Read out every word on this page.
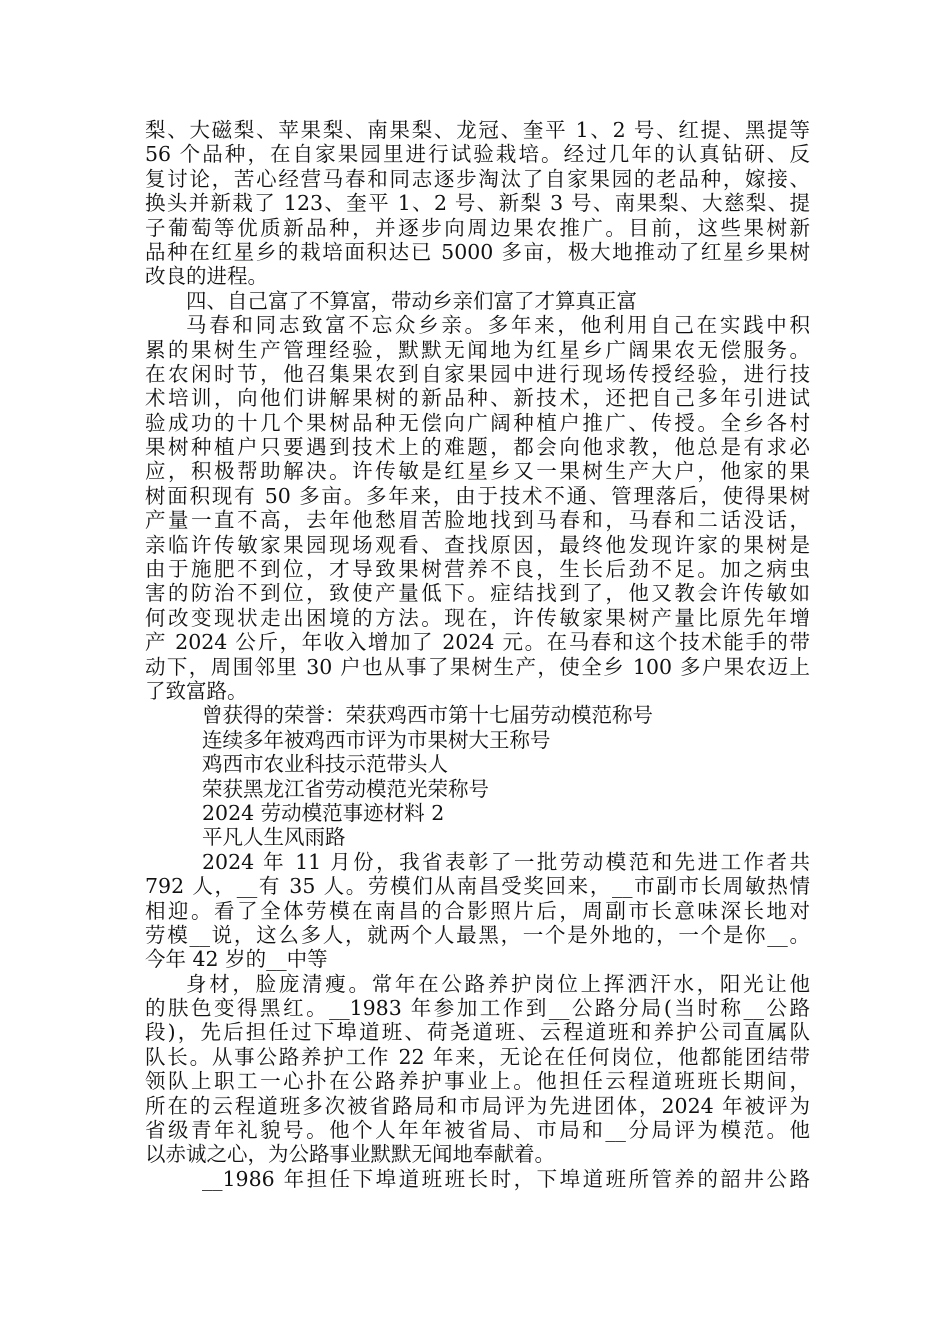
梨、大磁梨、苹果梨、南果梨、龙冠、奎平 1、2 号、红提、黑提等
56 个品种，在自家果园里进行试验栽培。经过几年的认真钻研、反
复讨论，苦心经营马春和同志逐步淘汰了自家果园的老品种，嫁接、
换头并新栽了 123、奎平 1、2 号、新梨 3 号、南果梨、大慈梨、提
子葡萄等优质新品种，并逐步向周边果农推广。目前，这些果树新
品种在红星乡的栽培面积达已 5000 多亩，极大地推动了红星乡果树
改良的进程。
四、自己富了不算富，带动乡亲们富了才算真正富
马春和同志致富不忘众乡亲。多年来，他利用自己在实践中积
累的果树生产管理经验，默默无闻地为红星乡广阔果农无偿服务。
在农闲时节，他召集果农到自家果园中进行现场传授经验，进行技
术培训，向他们讲解果树的新品种、新技术，还把自己多年引进试
验成功的十几个果树品种无偿向广阔种植户推广、传授。全乡各村
果树种植户只要遇到技术上的难题，都会向他求教，他总是有求必
应，积极帮助解决。许传敏是红星乡又一果树生产大户，他家的果
树面积现有 50 多亩。多年来，由于技术不通、管理落后，使得果树
产量一直不高，去年他愁眉苦脸地找到马春和，马春和二话没话，
亲临许传敏家果园现场观看、查找原因，最终他发现许家的果树是
由于施肥不到位，才导致果树营养不良，生长后劲不足。加之病虫
害的防治不到位，致使产量低下。症结找到了，他又教会许传敏如
何改变现状走出困境的方法。现在，许传敏家果树产量比原先年增
产 2024 公斤，年收入增加了 2024 元。在马春和这个技术能手的带
动下，周围邻里 30 户也从事了果树生产，使全乡 100 多户果农迈上
了致富路。
曾获得的荣誉：荣获鸡西市第十七届劳动模范称号
连续多年被鸡西市评为市果树大王称号
鸡西市农业科技示范带头人
荣获黑龙江省劳动模范光荣称号
2024 劳动模范事迹材料 2
平凡人生风雨路
2024 年 11 月份，我省表彰了一批劳动模范和先进工作者共
792 人，__有 35 人。劳模们从南昌受奖回来，__市副市长周敏热情
相迎。看了全体劳模在南昌的合影照片后，周副市长意味深长地对
劳模__说，这么多人，就两个人最黑，一个是外地的，一个是你__。
今年 42 岁的__中等
身材，脸庞清瘦。常年在公路养护岗位上挥洒汗水，阳光让他
的肤色变得黑红。__1983 年参加工作到__公路分局(当时称__公路
段)，先后担任过下埠道班、荷尧道班、云程道班和养护公司直属队
队长。从事公路养护工作 22 年来，无论在任何岗位，他都能团结带
领队上职工一心扑在公路养护事业上。他担任云程道班班长期间，
所在的云程道班多次被省路局和市局评为先进团体，2024 年被评为
省级青年礼貌号。他个人年年被省局、市局和__分局评为模范。他
以赤诚之心，为公路事业默默无闻地奉献着。
__1986 年担任下埠道班班长时，下埠道班所管养的韶井公路
